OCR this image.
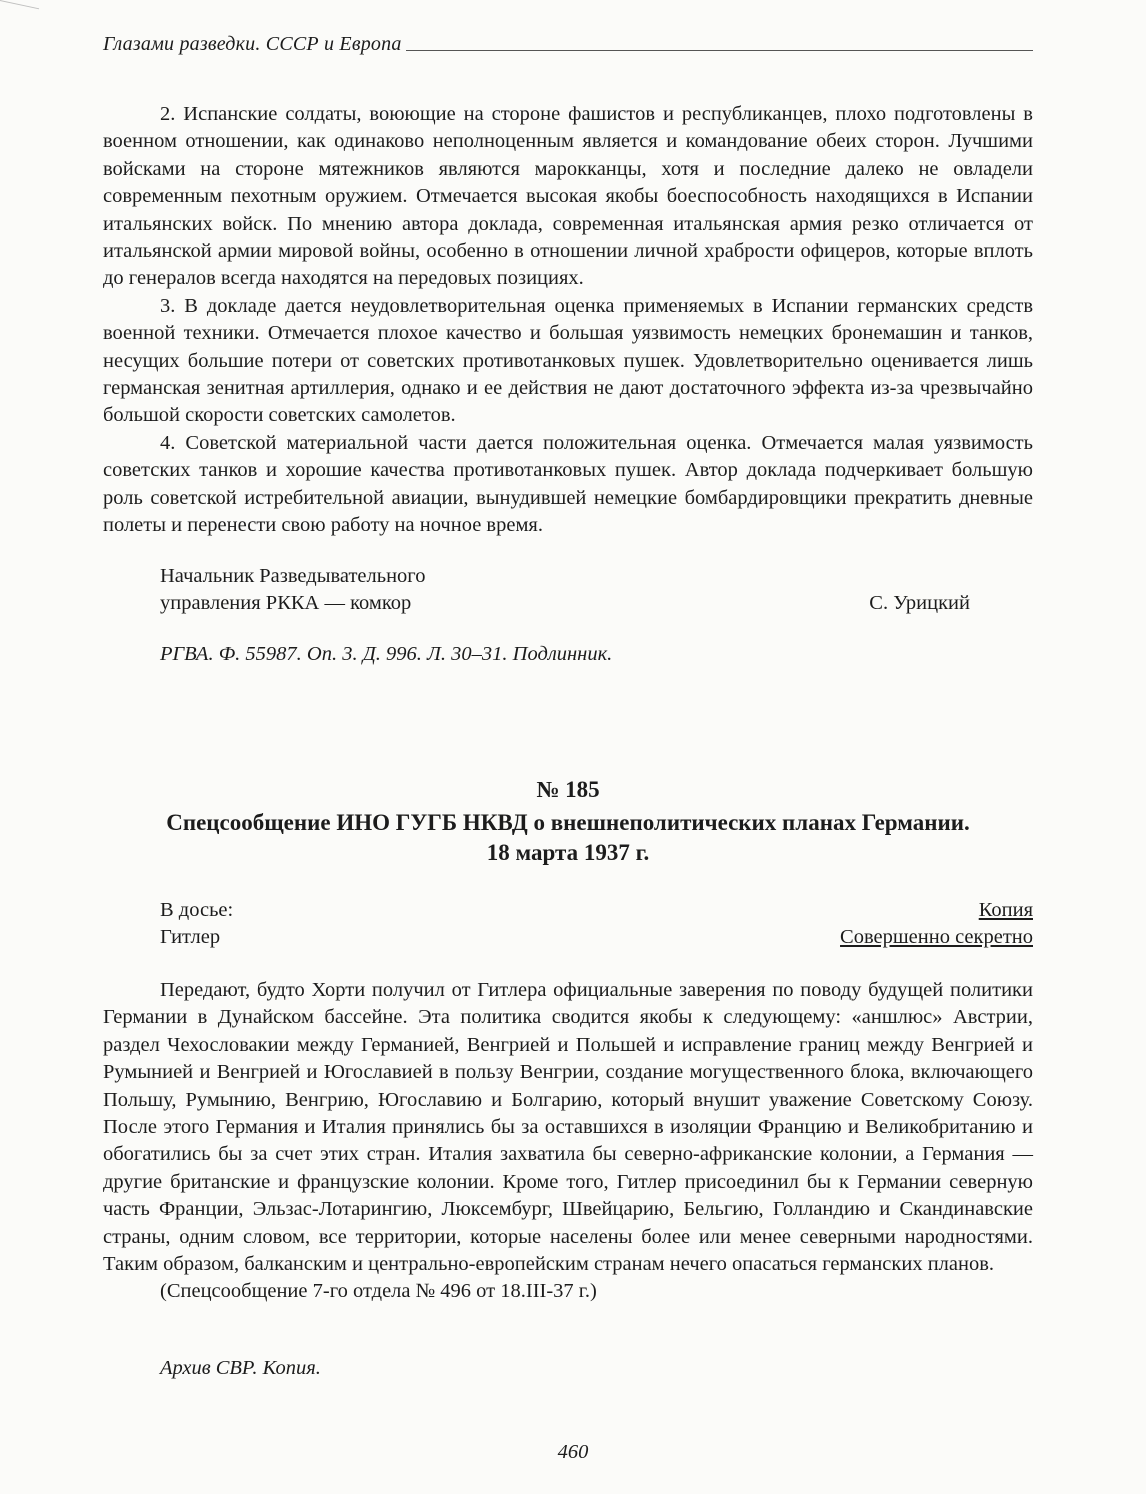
Глазами разведки. СССР и Европа

2. Испанские солдаты, воюющие на стороне фашистов и республиканцев, плохо подготовлены в военном отношении, как одинаково неполноценным является и командование обеих сторон. Лучшими войсками на стороне мятежников являются марокканцы, хотя и последние далеко не овладели современным пехотным оружием. Отмечается высокая якобы боеспособность находящихся в Испании итальянских войск. По мнению автора доклада, современная итальянская армия резко отличается от итальянской армии мировой войны, особенно в отношении личной храбрости офицеров, которые вплоть до генералов всегда находятся на передовых позициях.

3. В докладе дается неудовлетворительная оценка применяемых в Испании германских средств военной техники. Отмечается плохое качество и большая уязвимость немецких бронемашин и танков, несущих большие потери от советских противотанковых пушек. Удовлетворительно оценивается лишь германская зенитная артиллерия, однако и ее действия не дают достаточного эффекта из-за чрезвычайно большой скорости советских самолетов.

4. Советской материальной части дается положительная оценка. Отмечается малая уязвимость советских танков и хорошие качества противотанковых пушек. Автор доклада подчеркивает большую роль советской истребительной авиации, вынудившей немецкие бомбардировщики прекратить дневные полеты и перенести свою работу на ночное время.

Начальник Разведывательного
управления РККА — комкор	С. Урицкий
РГВА. Ф. 55987. Оп. 3. Д. 996. Л. 30–31. Подлинник.
№ 185
Спецсообщение ИНО ГУГБ НКВД о внешнеполитических планах Германии.
18 марта 1937 г.
В досье:
Гитлер
Копия
Совершенно секретно

Передают, будто Хорти получил от Гитлера официальные заверения по поводу будущей политики Германии в Дунайском бассейне. Эта политика сводится якобы к следующему: «аншлюс» Австрии, раздел Чехословакии между Германией, Венгрией и Польшей и исправление границ между Венгрией и Румынией и Венгрией и Югославией в пользу Венгрии, создание могущественного блока, включающего Польшу, Румынию, Венгрию, Югославию и Болгарию, который внушит уважение Советскому Союзу. После этого Германия и Италия принялись бы за оставшихся в изоляции Францию и Великобританию и обогатились бы за счет этих стран. Италия захватила бы северно-африканские колонии, а Германия — другие британские и французские колонии. Кроме того, Гитлер присоединил бы к Германии северную часть Франции, Эльзас-Лотарингию, Люксембург, Швейцарию, Бельгию, Голландию и Скандинавские страны, одним словом, все территории, которые населены более или менее северными народностями. Таким образом, балканским и центрально-европейским странам нечего опасаться германских планов.

(Спецсообщение 7-го отдела № 496 от 18.III-37 г.)

Архив СВР. Копия.
460
